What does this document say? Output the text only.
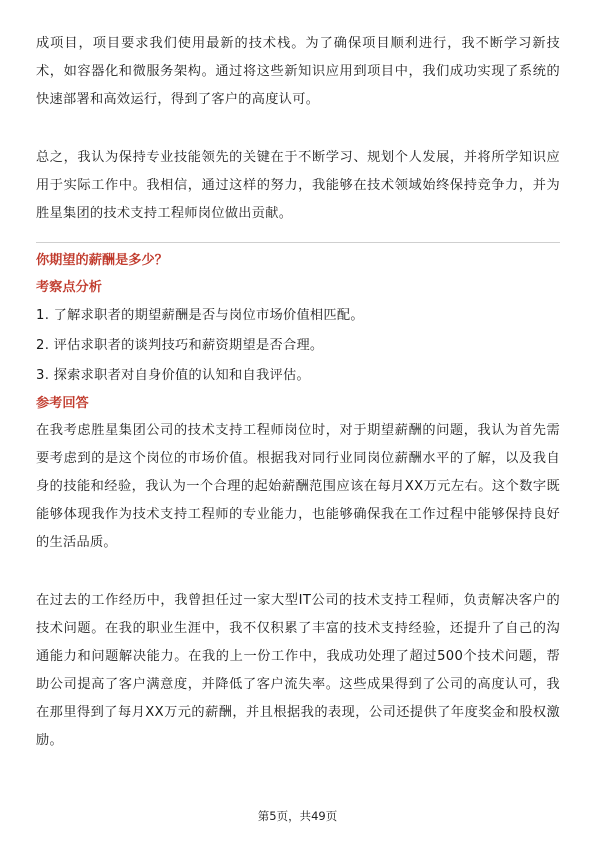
成项目，项目要求我们使用最新的技术栈。为了确保项目顺利进行，我不断学习新技术，如容器化和微服务架构。通过将这些新知识应用到项目中，我们成功实现了系统的快速部署和高效运行，得到了客户的高度认可。

总之，我认为保持专业技能领先的关键在于不断学习、规划个人发展，并将所学知识应用于实际工作中。我相信，通过这样的努力，我能够在技术领域始终保持竞争力，并为胜星集团的技术支持工程师岗位做出贡献。

你期望的薪酬是多少？

考察点分析

1. 了解求职者的期望薪酬是否与岗位市场价值相匹配。

2. 评估求职者的谈判技巧和薪资期望是否合理。

3. 探索求职者对自身价值的认知和自我评估。

参考回答

在我考虑胜星集团公司的技术支持工程师岗位时，对于期望薪酬的问题，我认为首先需要考虑到的是这个岗位的市场价值。根据我对同行业同岗位薪酬水平的了解，以及我自身的技能和经验，我认为一个合理的起始薪酬范围应该在每月XX万元左右。这个数字既能够体现我作为技术支持工程师的专业能力，也能够确保我在工作过程中能够保持良好的生活品质。

在过去的工作经历中，我曾担任过一家大型IT公司的技术支持工程师，负责解决客户的技术问题。在我的职业生涯中，我不仅积累了丰富的技术支持经验，还提升了自己的沟通能力和问题解决能力。在我的上一份工作中，我成功处理了超过500个技术问题，帮助公司提高了客户满意度，并降低了客户流失率。这些成果得到了公司的高度认可，我在那里得到了每月XX万元的薪酬，并且根据我的表现，公司还提供了年度奖金和股权激励。

第5页，共49页
